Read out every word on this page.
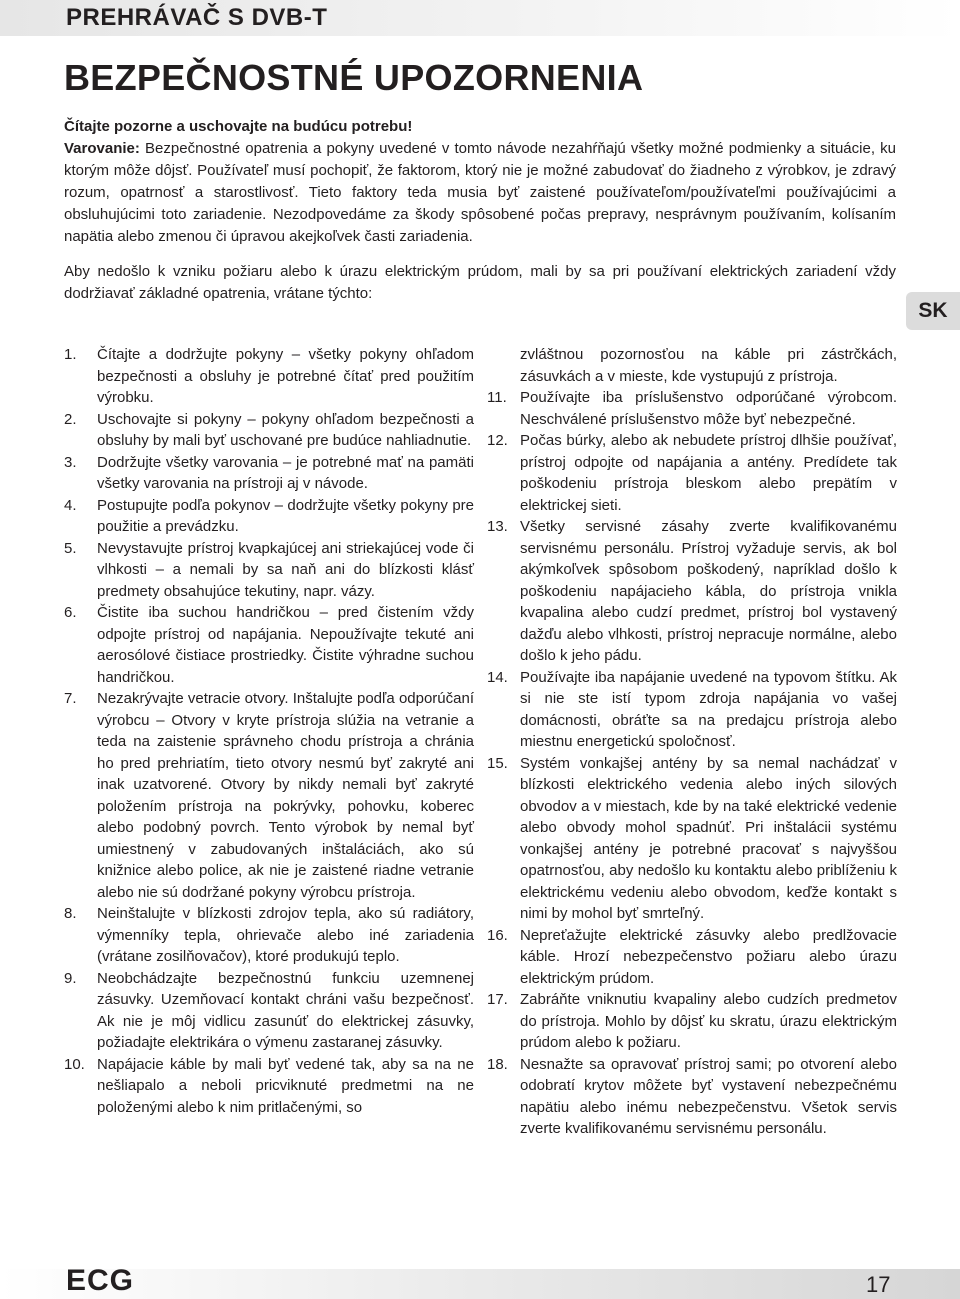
PREHRÁVAČ S DVB-T
BEZPEČNOSTNÉ UPOZORNENIA

Čítajte pozorne a uschovajte na budúcu potrebu!

Varovanie: Bezpečnostné opatrenia a pokyny uvedené v tomto návode nezahŕňajú všetky možné podmienky a situácie, ku ktorým môže dôjsť. Používateľ musí pochopiť, že faktorom, ktorý nie je možné zabudovať do žiadneho z výrobkov, je zdravý rozum, opatrnosť a starostlivosť. Tieto faktory teda musia byť zaistené používateľom/používateľmi používajúcimi a obsluhujúcimi toto zariadenie. Nezodpovedáme za škody spôsobené počas prepravy, nesprávnym používaním, kolísaním napätia alebo zmenou či úpravou akejkoľvek časti zariadenia.

Aby nedošlo k vzniku požiaru alebo k úrazu elektrickým prúdom, mali by sa pri používaní elektrických zariadení vždy dodržiavať základné opatrenia, vrátane týchto:

SK
1.	Čítajte a dodržujte pokyny – všetky pokyny ohľadom bezpečnosti a obsluhy je potrebné čítať pred použitím výrobku.
2.	Uschovajte si pokyny – pokyny ohľadom bezpečnosti a obsluhy by mali byť uschované pre budúce nahliadnutie.
3.	Dodržujte všetky varovania – je potrebné mať na pamäti všetky varovania na prístroji aj v návode.
4.	Postupujte podľa pokynov – dodržujte všetky pokyny pre použitie a prevádzku.
5.	Nevystavujte prístroj kvapkajúcej ani striekajúcej vode či vlhkosti – a nemali by sa naň ani do blízkosti klásť predmety obsahujúce tekutiny, napr. vázy.
6.	Čistite iba suchou handričkou – pred čistením vždy odpojte prístroj od napájania. Nepoužívajte tekuté ani aerosólové čistiace prostriedky. Čistite výhradne suchou handričkou.
7.	Nezakrývajte vetracie otvory. Inštalujte podľa odporúčaní výrobcu – Otvory v kryte prístroja slúžia na vetranie a teda na zaistenie správneho chodu prístroja a chránia ho pred prehriatím, tieto otvory nesmú byť zakryté ani inak uzatvorené. Otvory by nikdy nemali byť zakryté položením prístroja na pokrývky, pohovku, koberec alebo podobný povrch. Tento výrobok by nemal byť umiestnený v zabudovaných inštaláciách, ako sú knižnice alebo police, ak nie je zaistené riadne vetranie alebo nie sú dodržané pokyny výrobcu prístroja.
8.	Neinštalujte v blízkosti zdrojov tepla, ako sú radiátory, výmenníky tepla, ohrievače alebo iné zariadenia (vrátane zosilňovačov), ktoré produkujú teplo.
9.	Neobchádzajte bezpečnostnú funkciu uzemnenej zásuvky. Uzemňovací kontakt chráni vašu bezpečnosť. Ak nie je môj vidlicu zasunúť do elektrickej zásuvky, požiadajte elektrikára o výmenu zastaranej zásuvky.
10. Napájacie káble by mali byť vedené tak, aby sa na ne nešliapalo a neboli pricviknuté predmetmi na ne položenými alebo k nim pritlačenými, so
zvláštnou pozornosťou na káble pri zástrčkách, zásuvkách a v mieste, kde vystupujú z prístroja.
11. Používajte iba príslušenstvo odporúčané výrobcom. Neschválené príslušenstvo môže byť nebezpečné.
12. Počas búrky, alebo ak nebudete prístroj dlhšie používať, prístroj odpojte od napájania a antény. Predídete tak poškodeniu prístroja bleskom alebo prepätím v elektrickej sieti.
13. Všetky servisné zásahy zverte kvalifikovanému servisnému personálu. Prístroj vyžaduje servis, ak bol akýmkoľvek spôsobom poškodený, napríklad došlo k poškodeniu napájacieho kábla, do prístroja vnikla kvapalina alebo cudzí predmet, prístroj bol vystavený dažďu alebo vlhkosti, prístroj nepracuje normálne, alebo došlo k jeho pádu.
14. Používajte iba napájanie uvedené na typovom štítku. Ak si nie ste istí typom zdroja napájania vo vašej domácnosti, obráťte sa na predajcu prístroja alebo miestnu energetickú spoločnosť.
15. Systém vonkajšej antény by sa nemal nachádzať v blízkosti elektrického vedenia alebo iných silových obvodov a v miestach, kde by na také elektrické vedenie alebo obvody mohol spadnúť. Pri inštalácii systému vonkajšej antény je potrebné pracovať s najvyššou opatrnosťou, aby nedošlo ku kontaktu alebo priblíženiu k elektrickému vedeniu alebo obvodom, keďže kontakt s nimi by mohol byť smrteľný.
16. Nepreťažujte elektrické zásuvky alebo predlžovacie káble. Hrozí nebezpečenstvo požiaru alebo úrazu elektrickým prúdom.
17. Zabráňte vniknutiu kvapaliny alebo cudzích predmetov do prístroja. Mohlo by dôjsť ku skratu, úrazu elektrickým prúdom alebo k požiaru.
18. Nesnažte sa opravovať prístroj sami; po otvorení alebo odobratí krytov môžete byť vystavení nebezpečnému napätiu alebo inému nebezpečenstvu. Všetok servis zverte kvalifikovanému servisnému personálu.
ECG	17
